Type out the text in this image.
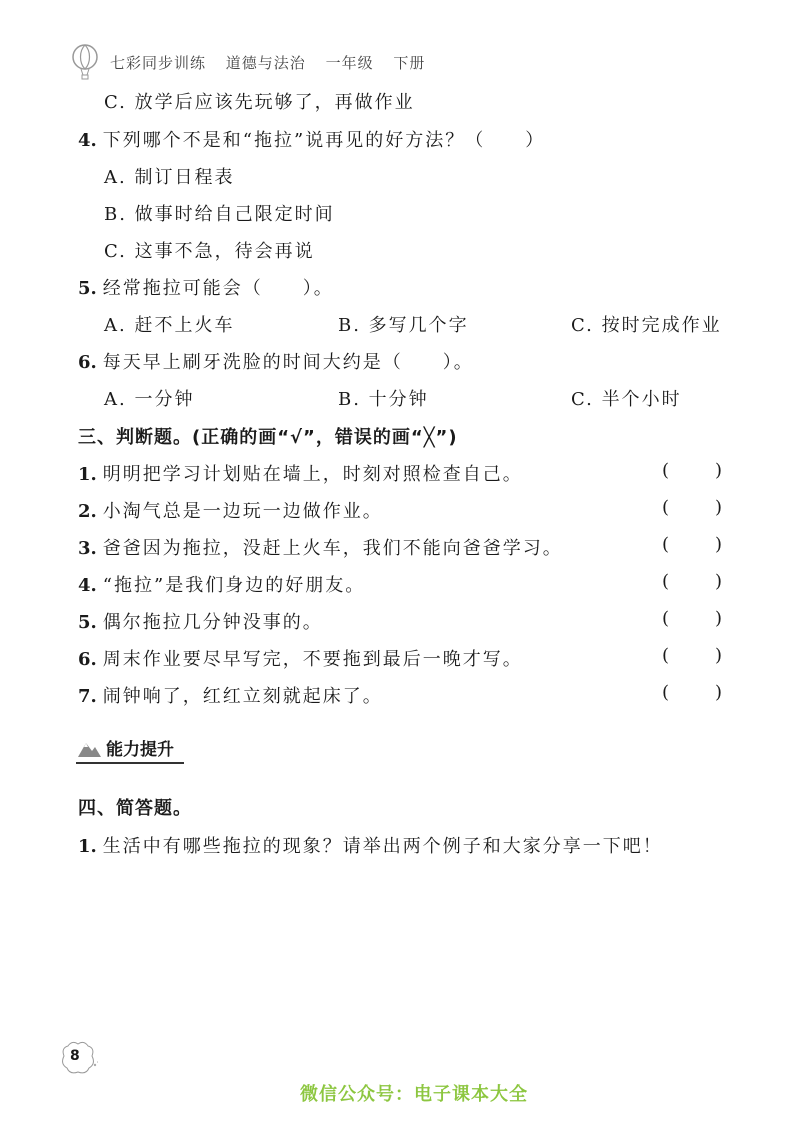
七彩同步训练 道德与法治 一年级 下册
C. 放学后应该先玩够了，再做作业
4. 下列哪个不是和“拖拉”说再见的好方法？（　　）
A. 制订日程表
B. 做事时给自己限定时间
C. 这事不急，待会再说
5. 经常拖拉可能会（　　）。
A. 赶不上火车	B. 多写几个字	C. 按时完成作业
6. 每天早上刷牙洗脸的时间大约是（　　）。
A. 一分钟	B. 十分钟	C. 半个小时
三、判断题。(正确的画“√”，错误的画“╳”)
1. 明明把学习计划贴在墙上，时刻对照检查自己。	(	)
2. 小淘气总是一边玩一边做作业。	(	)
3. 爸爸因为拖拉，没赶上火车，我们不能向爸爸学习。	(	)
4. “拖拉”是我们身边的好朋友。	(	)
5. 偶尔拖拉几分钟没事的。	(	)
6. 周末作业要尽早写完，不要拖到最后一晚才写。	(	)
7. 闹钟响了，红红立刻就起床了。	(	)
能力提升
四、简答题。
1. 生活中有哪些拖拉的现象？请举出两个例子和大家分享一下吧！
8
微信公众号：电子课本大全
